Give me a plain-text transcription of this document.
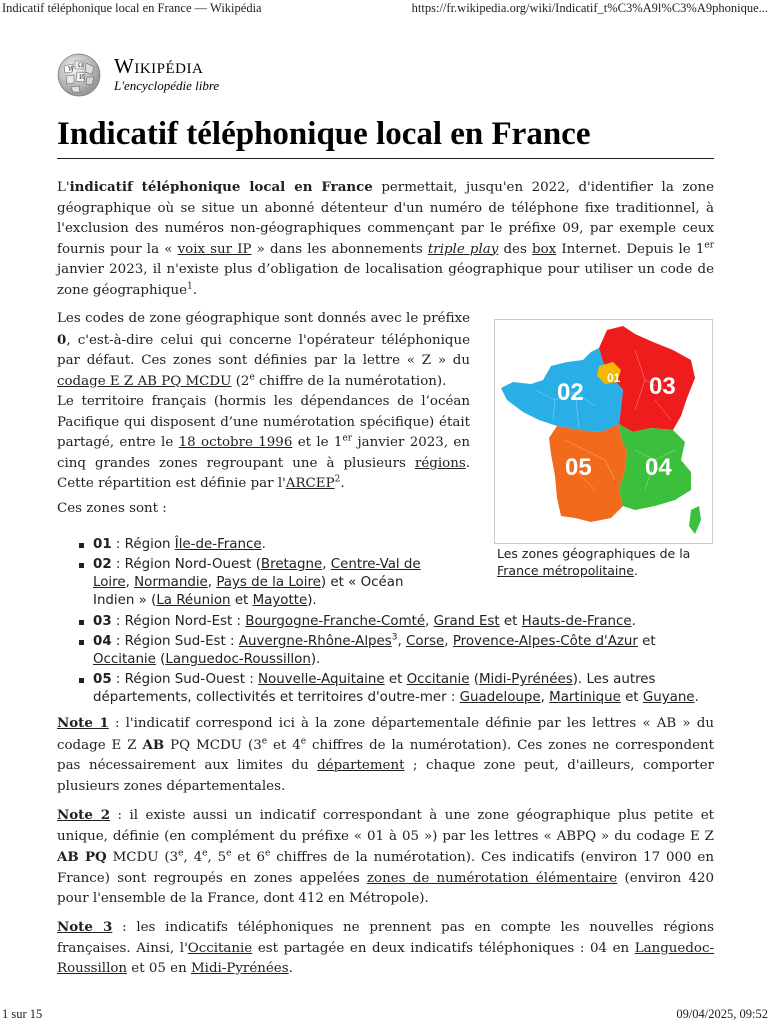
Indicatif téléphonique local en France — Wikipédia	https://fr.wikipedia.org/wiki/Indicatif_t%C3%A9l%C3%A9phonique...
W
Ω
И Wikipédia
L'encyclopédie libre
Indicatif téléphonique local en France
L'indicatif téléphonique local en France permettait, jusqu'en 2022, d'identifier la zone géographique où se situe un abonné détenteur d'un numéro de téléphone fixe traditionnel, à l'exclusion des numéros non-géographiques commençant par le préfixe 09, par exemple ceux fournis pour la « voix sur IP » dans les abonnements triple play des box Internet. Depuis le 1er janvier 2023, il n'existe plus d’obligation de localisation géographique pour utiliser un code de zone géographique$^1$.
Les codes de zone géographique sont donnés avec le préfixe 0, c'est-à-dire celui qui concerne l'opérateur téléphonique par défaut. Ces zones sont définies par la lettre « Z » du codage E Z AB PQ MCDU (2e chiffre de la numérotation).
Le territoire français (hormis les dépendances de l’océan Pacifique qui disposent d’une numérotation spécifique) était partagé, entre le 18 octobre 1996 et le 1er janvier 2023, en cinq grandes zones regroupant une à plusieurs régions. Cette répartition est définie par l'ARCEP$^2$.
Ces zones sont :
02
01 03
05 04
Les zones géographiques de la France métropolitaine.
01 : Région Île-de-France.
02 : Région Nord-Ouest (Bretagne, Centre-Val de Loire, Normandie, Pays de la Loire) et « Océan Indien » (La Réunion et Mayotte).
03 : Région Nord-Est : Bourgogne-Franche-Comté, Grand Est et Hauts-de-France.
04 : Région Sud-Est : Auvergne-Rhône-Alpes$^3$, Corse, Provence-Alpes-Côte d'Azur et Occitanie (Languedoc-Roussillon).
05 : Région Sud-Ouest : Nouvelle-Aquitaine et Occitanie (Midi-Pyrénées). Les autres départements, collectivités et territoires d'outre-mer : Guadeloupe, Martinique et Guyane.
Note 1 : l'indicatif correspond ici à la zone départementale définie par les lettres « AB » du codage E Z AB PQ MCDU (3e et 4e chiffres de la numérotation). Ces zones ne correspondent pas nécessairement aux limites du département ; chaque zone peut, d'ailleurs, comporter plusieurs zones départementales.
Note 2 : il existe aussi un indicatif correspondant à une zone géographique plus petite et unique, définie (en complément du préfixe « 01 à 05 ») par les lettres « ABPQ » du codage E Z AB PQ MCDU (3e, 4e, 5e et 6e chiffres de la numérotation). Ces indicatifs (environ 17 000 en France) sont regroupés en zones appelées zones de numérotation élémentaire (environ 420 pour l'ensemble de la France, dont 412 en Métropole).
Note 3 : les indicatifs téléphoniques ne prennent pas en compte les nouvelles régions françaises. Ainsi, l'Occitanie est partagée en deux indicatifs téléphoniques : 04 en Languedoc-Roussillon et 05 en Midi-Pyrénées.
1 sur 15	09/04/2025, 09:52
